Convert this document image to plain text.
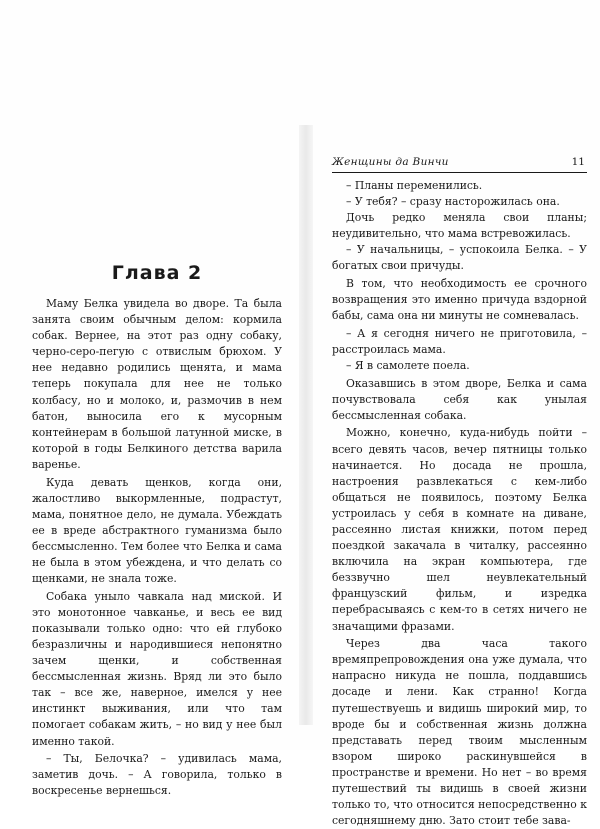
Глава 2

Маму Белка увидела во дворе. Та была занята своим обычным делом: кормила собак. Вернее, на этот раз одну собаку, черно-серо-пегую с отвислым брюхом. У нее недавно родились щенята, и мама теперь покупала для нее не только колбасу, но и молоко, и, размочив в нем батон, выносила его к мусорным контейнерам в большой латунной миске, в которой в годы Белкиного детства варила варенье.

Куда девать щенков, когда они, жалостливо выкормленные, подрастут, мама, понятное дело, не думала. Убеждать ее в вреде абстрактного гуманизма было бессмысленно. Тем более что Белка и сама не была в этом убеждена, и что делать со щенками, не знала тоже.

Собака уныло чавкала над миской. И это монотонное чавканье, и весь ее вид показывали только одно: что ей глубоко безразличны и народившиеся непонятно зачем щенки, и собственная бессмысленная жизнь. Вряд ли это было так – все же, наверное, имелся у нее инстинкт выживания, или что там помогает собакам жить, – но вид у нее был именно такой.

– Ты, Белочка? – удивилась мама, заметив дочь. – А говорила, только в воскресенье вернешься.

Женщины да Винчи	11

– Планы переменились.

– У тебя? – сразу насторожилась она.

Дочь редко меняла свои планы; неудивительно, что мама встревожилась.

– У начальницы, – успокоила Белка. – У богатых свои причуды.

В том, что необходимость ее срочного возвращения это именно причуда вздорной бабы, сама она ни минуты не сомневалась.

– А я сегодня ничего не приготовила, – расстроилась мама.

– Я в самолете поела.

Оказавшись в этом дворе, Белка и сама почувствовала себя как унылая бессмысленная собака.

Можно, конечно, куда-нибудь пойти – всего девять часов, вечер пятницы только начинается. Но досада не прошла, настроения развлекаться с кем-либо общаться не появилось, поэтому Белка устроилась у себя в комнате на диване, рассеянно листая книжки, потом перед поездкой закачала в читалку, рассеянно включила на экран компьютера, где беззвучно шел неувлекательный французский фильм, и изредка перебрасываясь с кем-то в сетях ничего не значащими фразами.

Через два часа такого времяпрепровождения она уже думала, что напрасно никуда не пошла, поддавшись досаде и лени. Как странно! Когда путешествуешь и видишь широкий мир, то вроде бы и собственная жизнь должна представать перед твоим мысленным взором широко раскинувшейся в пространстве и времени. Но нет – во время путешествий ты видишь в своей жизни только то, что относится непосредственно к сегодняшнему дню. Зато стоит тебе зава-
